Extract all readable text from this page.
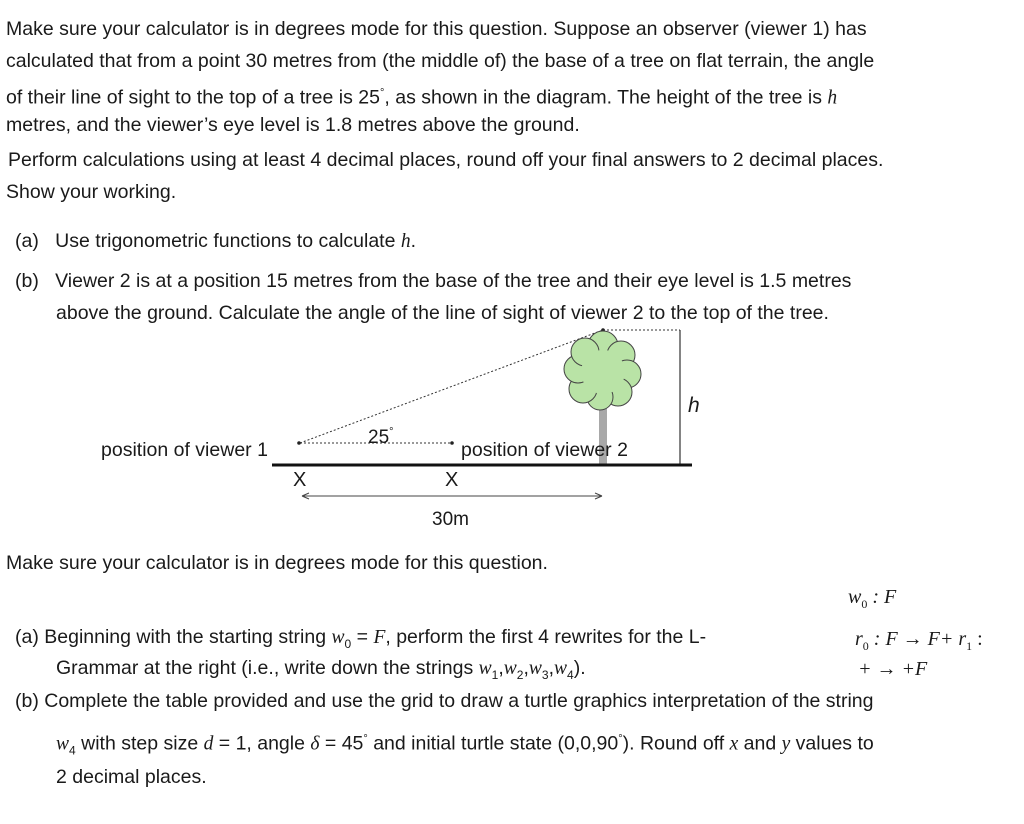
Make sure your calculator is in degrees mode for this question. Suppose an observer (viewer 1) has
calculated that from a point 30 metres from (the middle of) the base of a tree on flat terrain, the angle
of their line of sight to the top of a tree is 25°, as shown in the diagram. The height of the tree is h
metres, and the viewer’s eye level is 1.8 metres above the ground.
Perform calculations using at least 4 decimal places, round off your final answers to 2 decimal places.
Show your working.
(a) Use trigonometric functions to calculate h.
(b) Viewer 2 is at a position 15 metres from the base of the tree and their eye level is 1.5 metres
above the ground. Calculate the angle of the line of sight of viewer 2 to the top of the tree.
position of viewer 1	position of viewer 2
25°
h
30m
X	X
Make sure your calculator is in degrees mode for this question.
$w_0$ : F
$r_0$ : $F \to F+ r_1$ :
+ → +F
(a) Beginning with the starting string $w_0 = F$, perform the first 4 rewrites for the L-
Grammar at the right (i.e., write down the strings $w_1,w_2,w_3,w_4$).
(b) Complete the table provided and use the grid to draw a turtle graphics interpretation of the string
$w_4$ with step size d = 1, angle δ = 45° and initial turtle state (0,0,90°). Round off x and y values to
2 decimal places.
